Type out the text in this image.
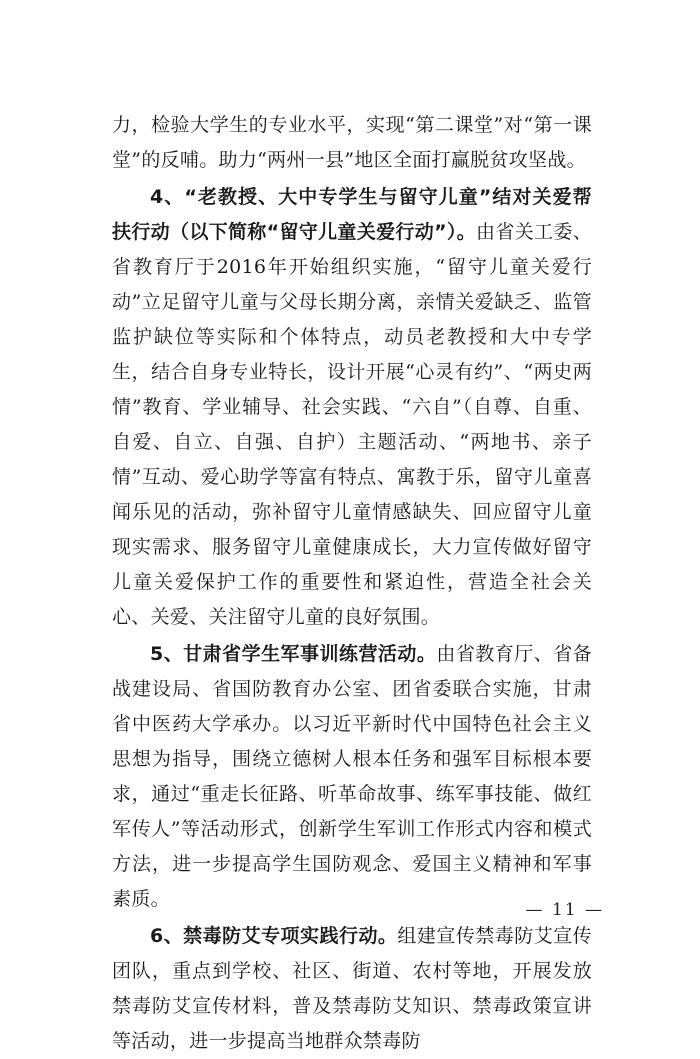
力，检验大学生的专业水平，实现“第二课堂”对“第一课堂”的反哺。助力“两州一县”地区全面打赢脱贫攻坚战。

4、“老教授、大中专学生与留守儿童”结对关爱帮扶行动（以下简称“留守儿童关爱行动”）。由省关工委、省教育厅于2016年开始组织实施，“留守儿童关爱行动”立足留守儿童与父母长期分离，亲情关爱缺乏、监管监护缺位等实际和个体特点，动员老教授和大中专学生，结合自身专业特长，设计开展“心灵有约”、“两史两情”教育、学业辅导、社会实践、“六自”（自尊、自重、自爱、自立、自强、自护）主题活动、“两地书、亲子情”互动、爱心助学等富有特点、寓教于乐，留守儿童喜闻乐见的活动，弥补留守儿童情感缺失、回应留守儿童现实需求、服务留守儿童健康成长，大力宣传做好留守儿童关爱保护工作的重要性和紧迫性，营造全社会关心、关爱、关注留守儿童的良好氛围。

5、甘肃省学生军事训练营活动。由省教育厅、省备战建设局、省国防教育办公室、团省委联合实施，甘肃省中医药大学承办。以习近平新时代中国特色社会主义思想为指导，围绕立德树人根本任务和强军目标根本要求，通过“重走长征路、听革命故事、练军事技能、做红军传人”等活动形式，创新学生军训工作形式内容和模式方法，进一步提高学生国防观念、爱国主义精神和军事素质。

6、禁毒防艾专项实践行动。组建宣传禁毒防艾宣传团队，重点到学校、社区、街道、农村等地，开展发放禁毒防艾宣传材料，普及禁毒防艾知识、禁毒政策宣讲等活动，进一步提高当地群众禁毒防

— 11 —
